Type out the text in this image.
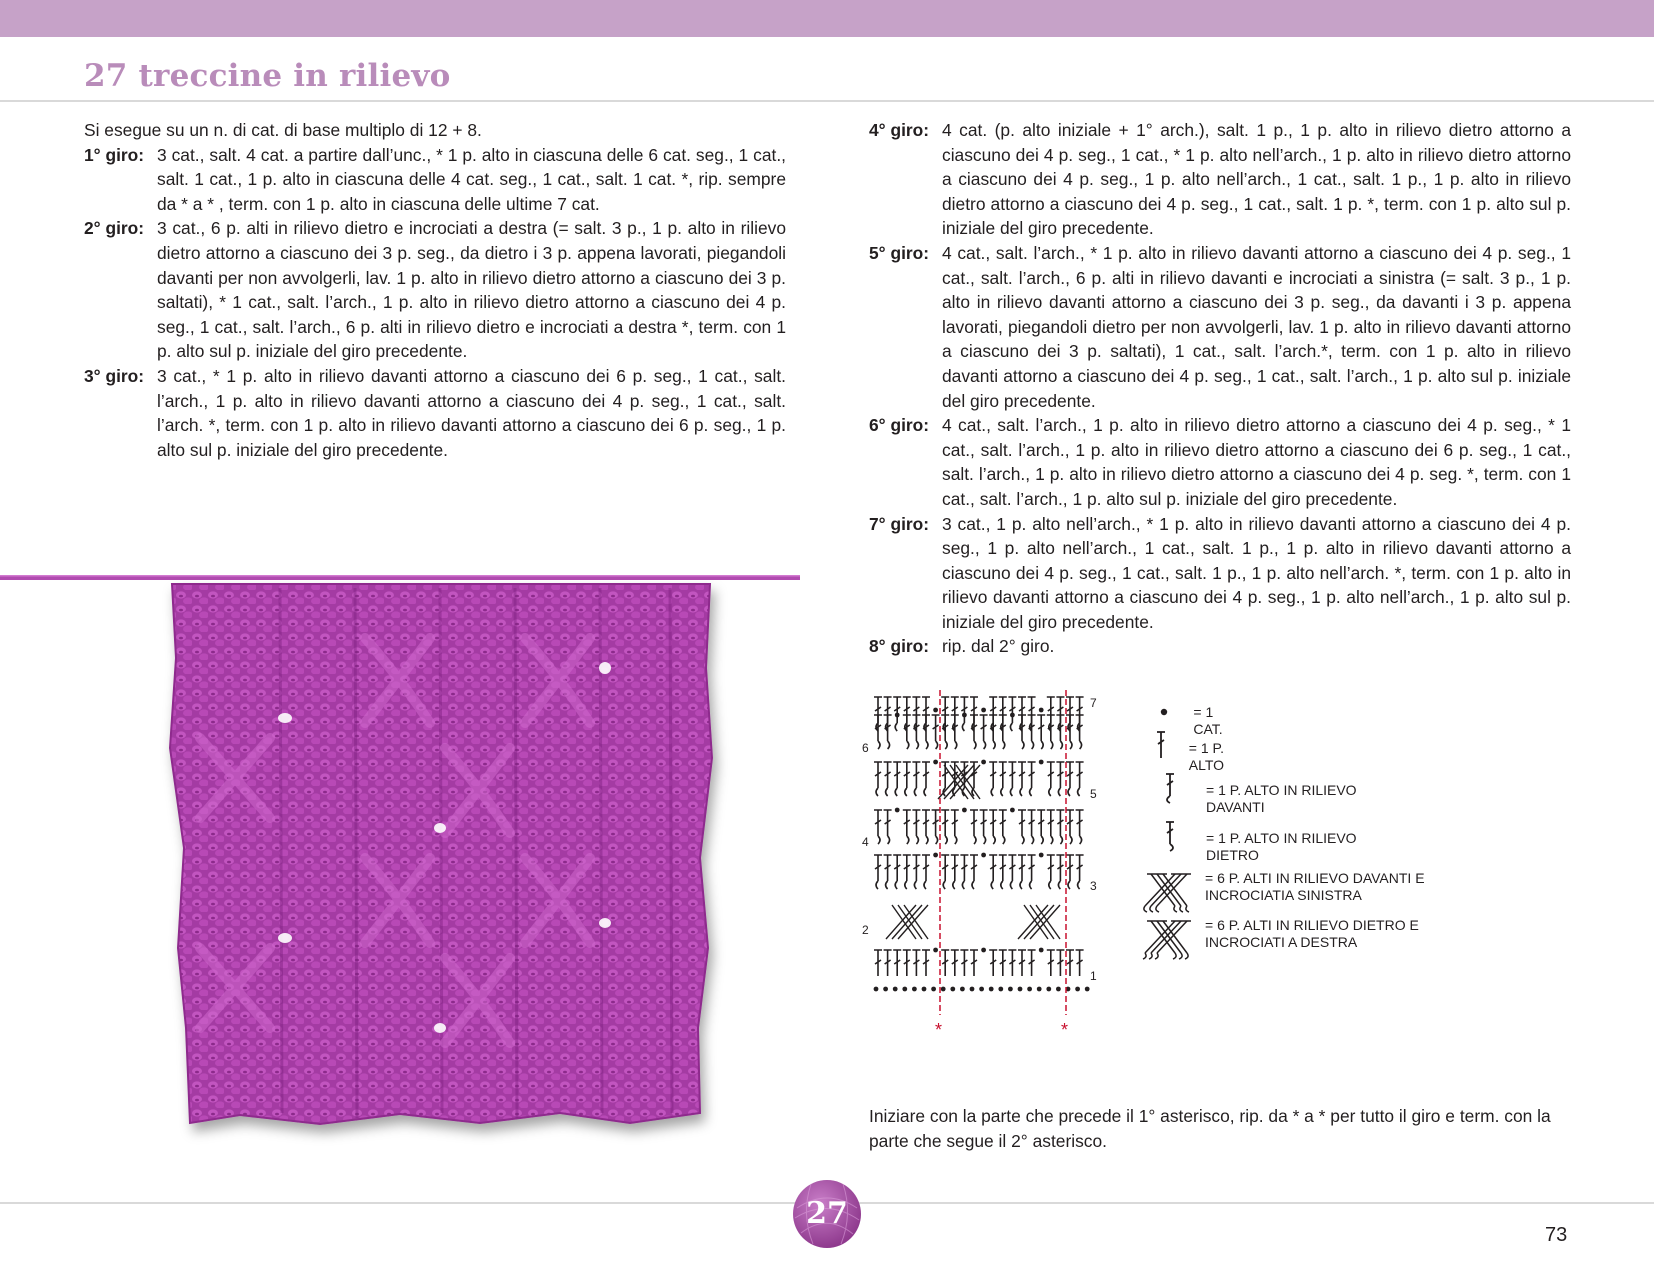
27 treccine in rilievo

Si esegue su un n. di cat. di base multiplo di 12 + 8.

1° giro: 3 cat., salt. 4 cat. a partire dall’unc., * 1 p. alto in ciascuna delle 6 cat. seg., 1 cat., salt. 1 cat., 1 p. alto in ciascuna delle 4 cat. seg., 1 cat., salt. 1 cat. *, rip. sempre da * a * , term. con 1 p. alto in ciascuna delle ultime 7 cat.
2° giro: 3 cat., 6 p. alti in rilievo dietro e incrociati a destra (= salt. 3 p., 1 p. alto in rilievo dietro attorno a ciascuno dei 3 p. seg., da dietro i 3 p. appena lavorati, piegandoli davanti per non avvolgerli, lav. 1 p. alto in rilievo dietro attorno a ciascuno dei 3 p. saltati), * 1 cat., salt. l’arch., 1 p. alto in rilievo dietro attorno a ciascuno dei 4 p. seg., 1 cat., salt. l’arch., 6 p. alti in rilievo dietro e incrociati a destra *, term. con 1 p. alto sul p. iniziale del giro precedente.
3° giro: 3 cat., * 1 p. alto in rilievo davanti attorno a ciascuno dei 6 p. seg., 1 cat., salt. l’arch., 1 p. alto in rilievo davanti attorno a ciascuno dei 4 p. seg., 1 cat., salt. l’arch. *, term. con 1 p. alto in rilievo davanti attorno a ciascuno dei 6 p. seg., 1 p. alto sul p. iniziale del giro precedente.
4° giro: 4 cat. (p. alto iniziale + 1° arch.), salt. 1 p., 1 p. alto in rilievo dietro attorno a ciascuno dei 4 p. seg., 1 cat., * 1 p. alto nell’arch., 1 p. alto in rilievo dietro attorno a ciascuno dei 4 p. seg., 1 p. alto nell’arch., 1 cat., salt. 1 p., 1 p. alto in rilievo dietro attorno a ciascuno dei 4 p. seg., 1 cat., salt. 1 p. *, term. con 1 p. alto sul p. iniziale del giro precedente.
5° giro: 4 cat., salt. l’arch., * 1 p. alto in rilievo davanti attorno a ciascuno dei 4 p. seg., 1 cat., salt. l’arch., 6 p. alti in rilievo davanti e incrociati a sinistra (= salt. 3 p., 1 p. alto in rilievo davanti attorno a ciascuno dei 3 p. seg., da davanti i 3 p. appena lavorati, piegandoli dietro per non avvolgerli, lav. 1 p. alto in rilievo davanti attorno a ciascuno dei 3 p. saltati), 1 cat., salt. l’arch.*, term. con 1 p. alto in rilievo davanti attorno a ciascuno dei 4 p. seg., 1 cat., salt. l’arch., 1 p. alto sul p. iniziale del giro precedente.
6° giro: 4 cat., salt. l’arch., 1 p. alto in rilievo dietro attorno a ciascuno dei 4 p. seg., * 1 cat., salt. l’arch., 1 p. alto in rilievo dietro attorno a ciascuno dei 6 p. seg., 1 cat., salt. l’arch., 1 p. alto in rilievo dietro attorno a ciascuno dei 4 p. seg. *, term. con 1 cat., salt. l’arch., 1 p. alto sul p. iniziale del giro precedente.
7° giro: 3 cat., 1 p. alto nell’arch., * 1 p. alto in rilievo davanti attorno a ciascuno dei 4 p. seg., 1 p. alto nell’arch., 1 cat., salt. 1 p., 1 p. alto in rilievo davanti attorno a ciascuno dei 4 p. seg., 1 cat., salt. 1 p., 1 p. alto nell’arch. *, term. con 1 p. alto in rilievo davanti attorno a ciascuno dei 4 p. seg., 1 p. alto nell’arch., 1 p. alto sul p. iniziale del giro precedente.
8° giro: rip. dal 2° giro.
1
2
3
4
5
6
7
*	*
= 1 CAT.
= 1 P. ALTO
= 1 P. ALTO IN RILIEVO DAVANTI
= 1 P. ALTO IN RILIEVO DIETRO
= 6 P. ALTI IN RILIEVO DAVANTI E INCROCIATIA SINISTRA
= 6 P. ALTI IN RILIEVO DIETRO E INCROCIATI A DESTRA

Iniziare con la parte che precede il 1° asterisco, rip. da * a * per tutto il giro e term. con la parte che segue il 2° asterisco.

27
73
